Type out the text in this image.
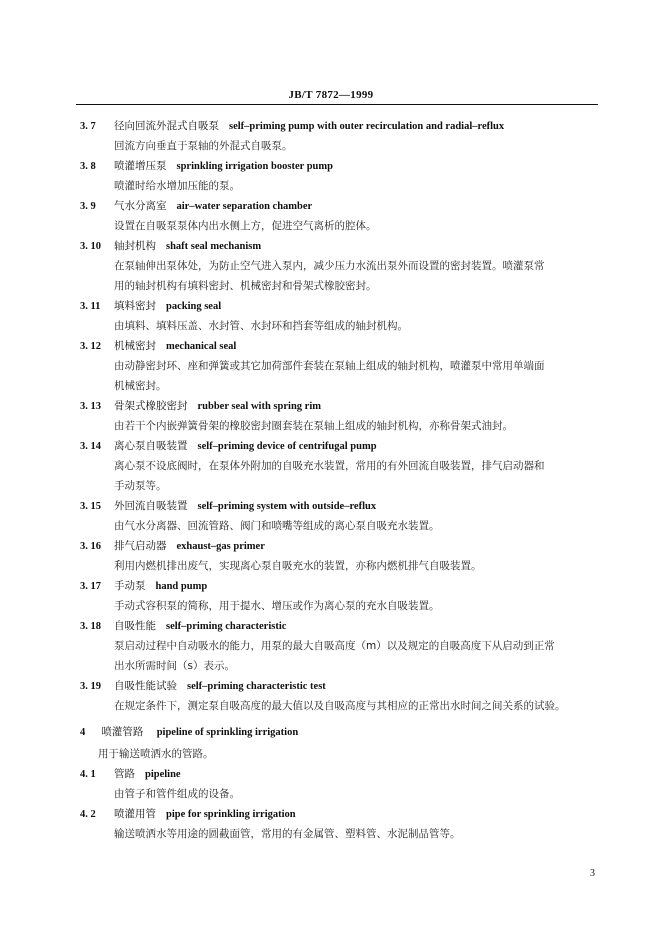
JB/T 7872—1999
3. 7 径向回流外混式自吸泵 self–priming pump with outer recirculation and radial–reflux
回流方向垂直于泵轴的外混式自吸泵。
3. 8 喷灌增压泵 sprinkling irrigation booster pump
喷灌时给水增加压能的泵。
3. 9 气水分离室 air–water separation chamber
设置在自吸泵泵体内出水侧上方，促进空气离析的腔体。
3. 10 轴封机构 shaft seal mechanism
在泵轴伸出泵体处，为防止空气进入泵内，减少压力水流出泵外而设置的密封装置。喷灌泵常
用的轴封机构有填料密封、机械密封和骨架式橡胶密封。
3. 11 填料密封 packing seal
由填料、填料压盖、水封管、水封环和挡套等组成的轴封机构。
3. 12 机械密封 mechanical seal
由动静密封环、座和弹簧或其它加荷部件套装在泵轴上组成的轴封机构，喷灌泵中常用单端面
机械密封。
3. 13 骨架式橡胶密封 rubber seal with spring rim
由若干个内嵌弹簧骨架的橡胶密封圈套装在泵轴上组成的轴封机构，亦称骨架式油封。
3. 14 离心泵自吸装置 self–priming device of centrifugal pump
离心泵不设底阀时，在泵体外附加的自吸充水装置，常用的有外回流自吸装置，排气启动器和
手动泵等。
3. 15 外回流自吸装置 self–priming system with outside–reflux
由气水分离器、回流管路、阀门和喷嘴等组成的离心泵自吸充水装置。
3. 16 排气启动器 exhaust–gas primer
利用内燃机排出废气，实现离心泵自吸充水的装置，亦称内燃机排气自吸装置。
3. 17 手动泵 hand pump
手动式容积泵的简称，用于提水、增压或作为离心泵的充水自吸装置。
3. 18 自吸性能 self–priming characteristic
泵启动过程中自动吸水的能力，用泵的最大自吸高度（m）以及规定的自吸高度下从启动到正常
出水所需时间（s）表示。
3. 19 自吸性能试验 self–priming characteristic test
在规定条件下，测定泵自吸高度的最大值以及自吸高度与其相应的正常出水时间之间关系的试验。
4 喷灌管路 pipeline of sprinkling irrigation
用于输送喷洒水的管路。
4. 1 管路 pipeline
由管子和管件组成的设备。
4. 2 喷灌用管 pipe for sprinkling irrigation
输送喷洒水等用途的圆截面管，常用的有金属管、塑料管、水泥制品管等。
3
